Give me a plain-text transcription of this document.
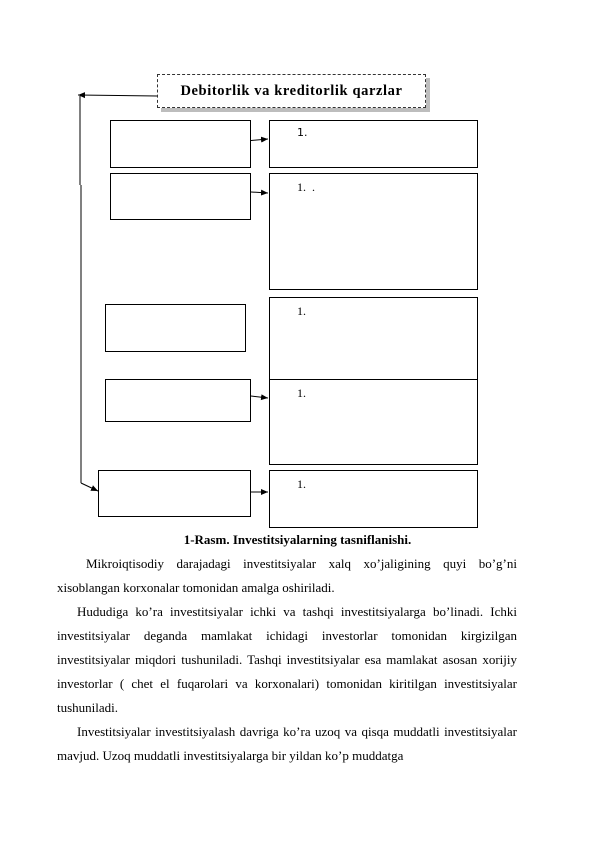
Debitorlik va kreditorlik qarzlar
1.
1.  .
1.
1.
1.
1-Rasm. Investitsiyalarning tasniflanishi.

Mikroiqtisodiy darajadagi investitsiyalar xalq xo’jaligining quyi bo’g’ni xisoblangan korxonalar tomonidan amalga oshiriladi.

Hududiga ko’ra investitsiyalar ichki va tashqi investitsiyalarga bo’linadi. Ichki investitsiyalar deganda mamlakat ichidagi investorlar tomonidan kirgizilgan investitsiyalar miqdori tushuniladi. Tashqi investitsiyalar esa mamlakat asosan xorijiy investorlar ( chet el fuqarolari va korxonalari) tomonidan kiritilgan investitsiyalar tushuniladi.

Investitsiyalar investitsiyalash davriga ko’ra uzoq va qisqa muddatli investitsiyalar mavjud. Uzoq muddatli investitsiyalarga bir yildan ko’p muddatga
